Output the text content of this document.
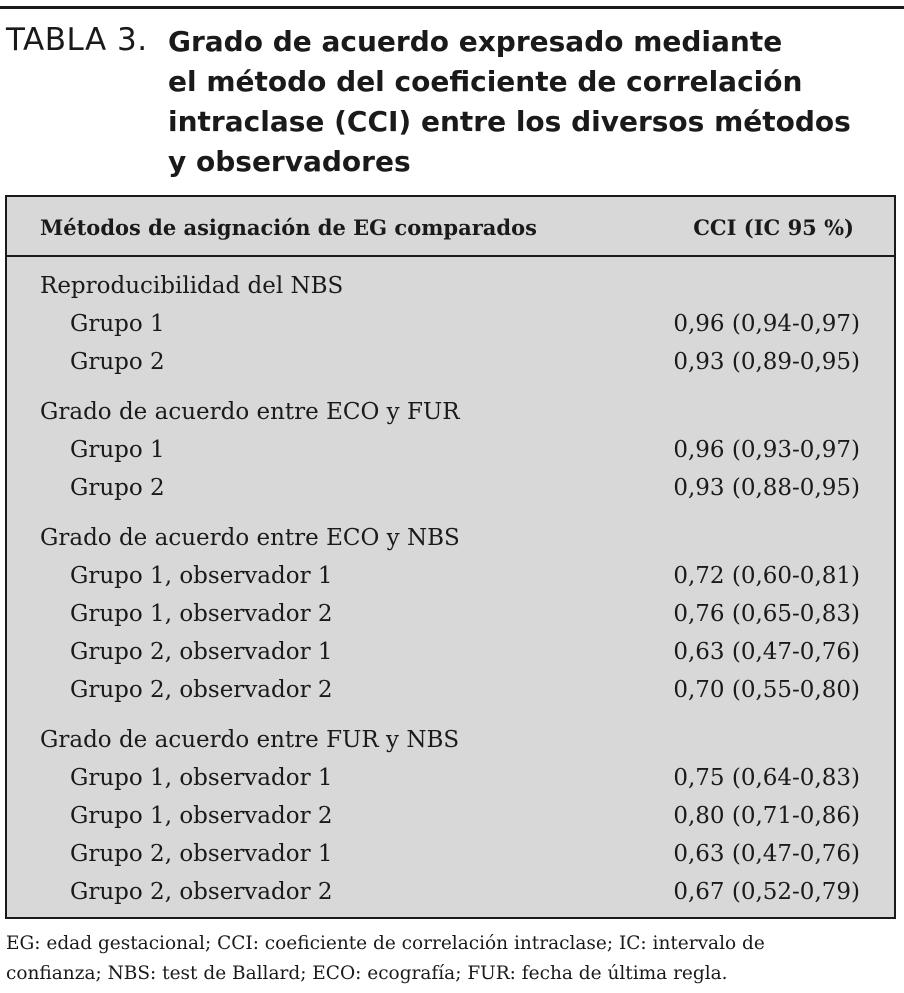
TABLA 3. Grado de acuerdo expresado mediante
el método del coeficiente de correlación
intraclase (CCI) entre los diversos métodos
y observadores
Métodos de asignación de EG comparados	CCI (IC 95 %)
Reproducibilidad del NBS
Grupo 1	0,96 (0,94-0,97)
Grupo 2	0,93 (0,89-0,95)
Grado de acuerdo entre ECO y FUR
Grupo 1	0,96 (0,93-0,97)
Grupo 2	0,93 (0,88-0,95)
Grado de acuerdo entre ECO y NBS
Grupo 1, observador 1	0,72 (0,60-0,81)
Grupo 1, observador 2	0,76 (0,65-0,83)
Grupo 2, observador 1	0,63 (0,47-0,76)
Grupo 2, observador 2	0,70 (0,55-0,80)
Grado de acuerdo entre FUR y NBS
Grupo 1, observador 1	0,75 (0,64-0,83)
Grupo 1, observador 2	0,80 (0,71-0,86)
Grupo 2, observador 1	0,63 (0,47-0,76)
Grupo 2, observador 2	0,67 (0,52-0,79)
EG: edad gestacional; CCI: coeficiente de correlación intraclase; IC: intervalo de
confianza; NBS: test de Ballard; ECO: ecografía; FUR: fecha de última regla.
